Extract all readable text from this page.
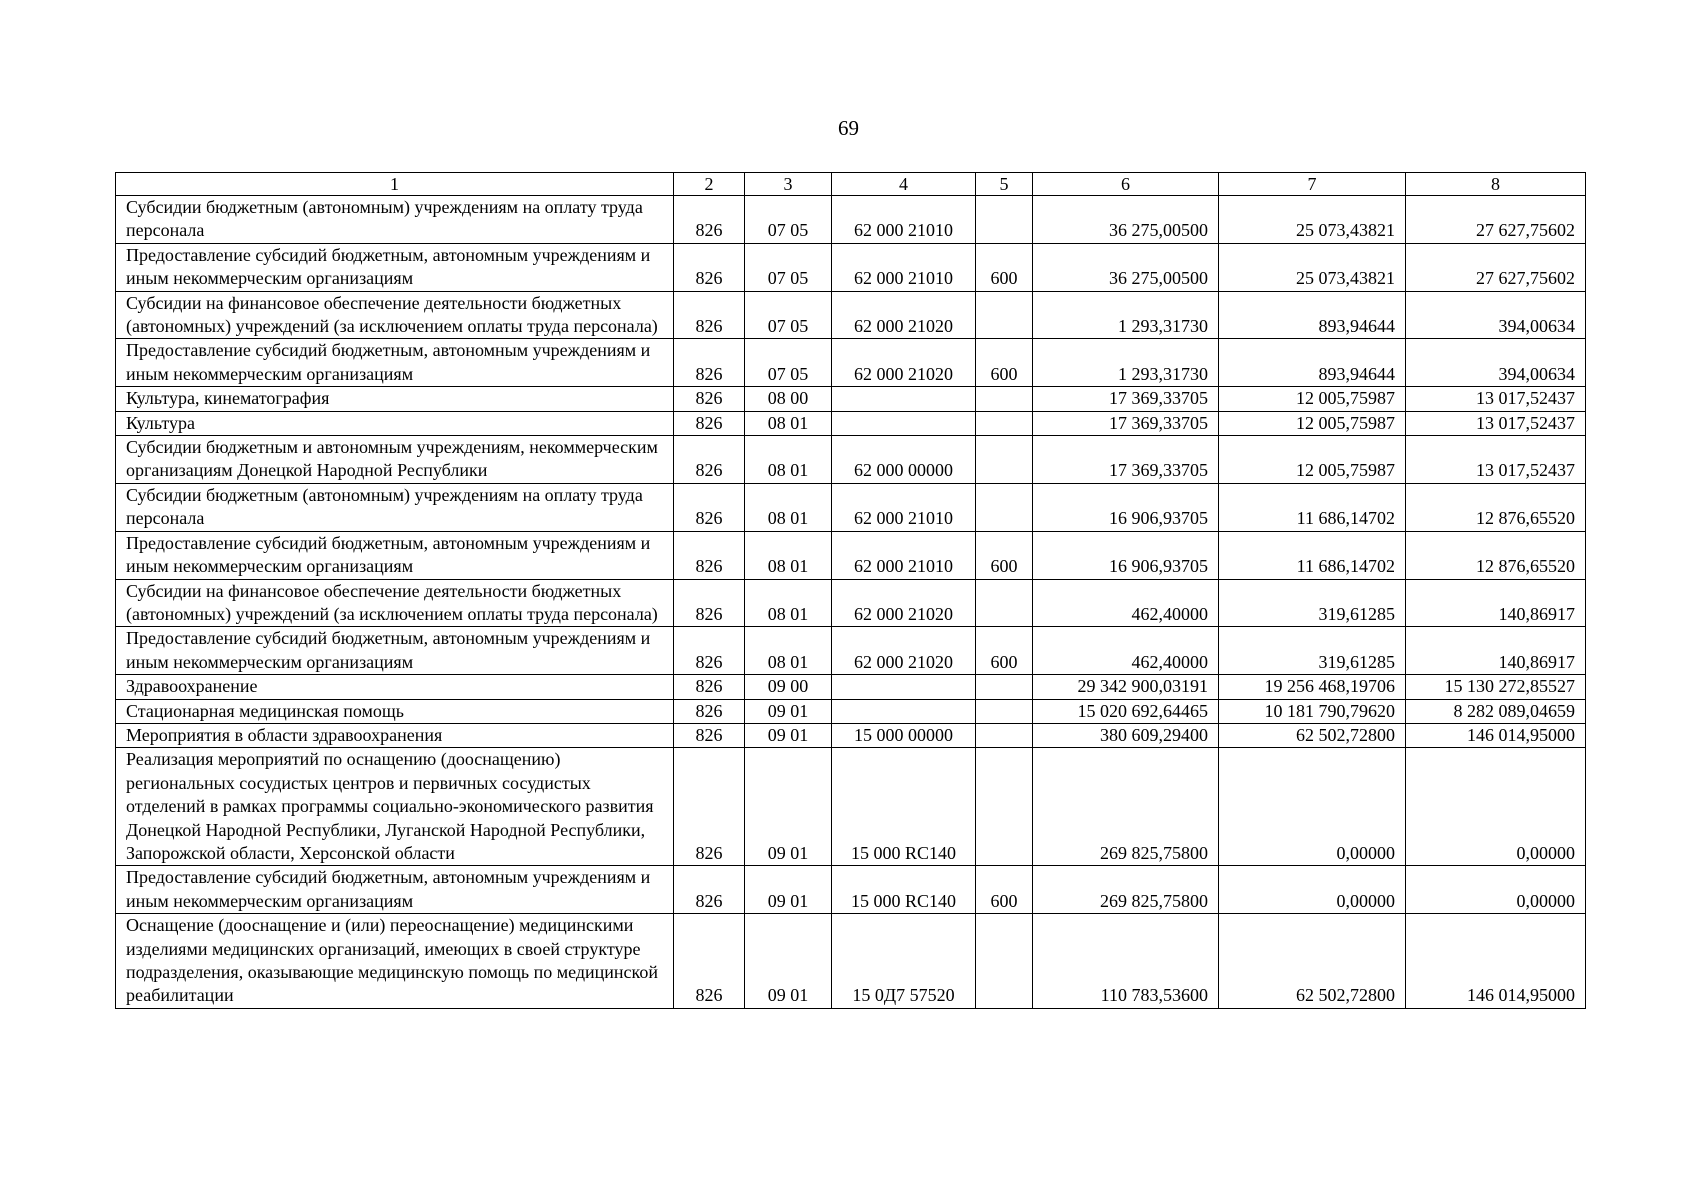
69
1	2	3	4	5	6	7	8
Субсидии бюджетным (автономным) учреждениям на оплату труда персонала	826	07 05	62 000 21010		36 275,00500	25 073,43821	27 627,75602
Предоставление субсидий бюджетным, автономным учреждениям и иным некоммерческим организациям	826	07 05	62 000 21010	600	36 275,00500	25 073,43821	27 627,75602
Субсидии на финансовое обеспечение деятельности бюджетных (автономных) учреждений (за исключением оплаты труда персонала)	826	07 05	62 000 21020		1 293,31730	893,94644	394,00634
Предоставление субсидий бюджетным, автономным учреждениям и иным некоммерческим организациям	826	07 05	62 000 21020	600	1 293,31730	893,94644	394,00634
Культура, кинематография	826	08 00			17 369,33705	12 005,75987	13 017,52437
Культура	826	08 01			17 369,33705	12 005,75987	13 017,52437
Субсидии бюджетным и автономным учреждениям, некоммерческим организациям Донецкой Народной Республики	826	08 01	62 000 00000		17 369,33705	12 005,75987	13 017,52437
Субсидии бюджетным (автономным) учреждениям на оплату труда персонала	826	08 01	62 000 21010		16 906,93705	11 686,14702	12 876,65520
Предоставление субсидий бюджетным, автономным учреждениям и иным некоммерческим организациям	826	08 01	62 000 21010	600	16 906,93705	11 686,14702	12 876,65520
Субсидии на финансовое обеспечение деятельности бюджетных (автономных) учреждений (за исключением оплаты труда персонала)	826	08 01	62 000 21020		462,40000	319,61285	140,86917
Предоставление субсидий бюджетным, автономным учреждениям и иным некоммерческим организациям	826	08 01	62 000 21020	600	462,40000	319,61285	140,86917
Здравоохранение	826	09 00			29 342 900,03191	19 256 468,19706	15 130 272,85527
Стационарная медицинская помощь	826	09 01			15 020 692,64465	10 181 790,79620	8 282 089,04659
Мероприятия в области здравоохранения	826	09 01	15 000 00000		380 609,29400	62 502,72800	146 014,95000
Реализация мероприятий по оснащению (дооснащению) региональных сосудистых центров и первичных сосудистых отделений в рамках программы социально-экономического развития Донецкой Народной Республики, Луганской Народной Республики, Запорожской области, Херсонской области	826	09 01	15 000 RC140		269 825,75800	0,00000	0,00000
Предоставление субсидий бюджетным, автономным учреждениям и иным некоммерческим организациям	826	09 01	15 000 RC140	600	269 825,75800	0,00000	0,00000
Оснащение (дооснащение и (или) переоснащение) медицинскими изделиями медицинских организаций, имеющих в своей структуре подразделения, оказывающие медицинскую помощь по медицинской реабилитации	826	09 01	15 0Д7 57520		110 783,53600	62 502,72800	146 014,95000
